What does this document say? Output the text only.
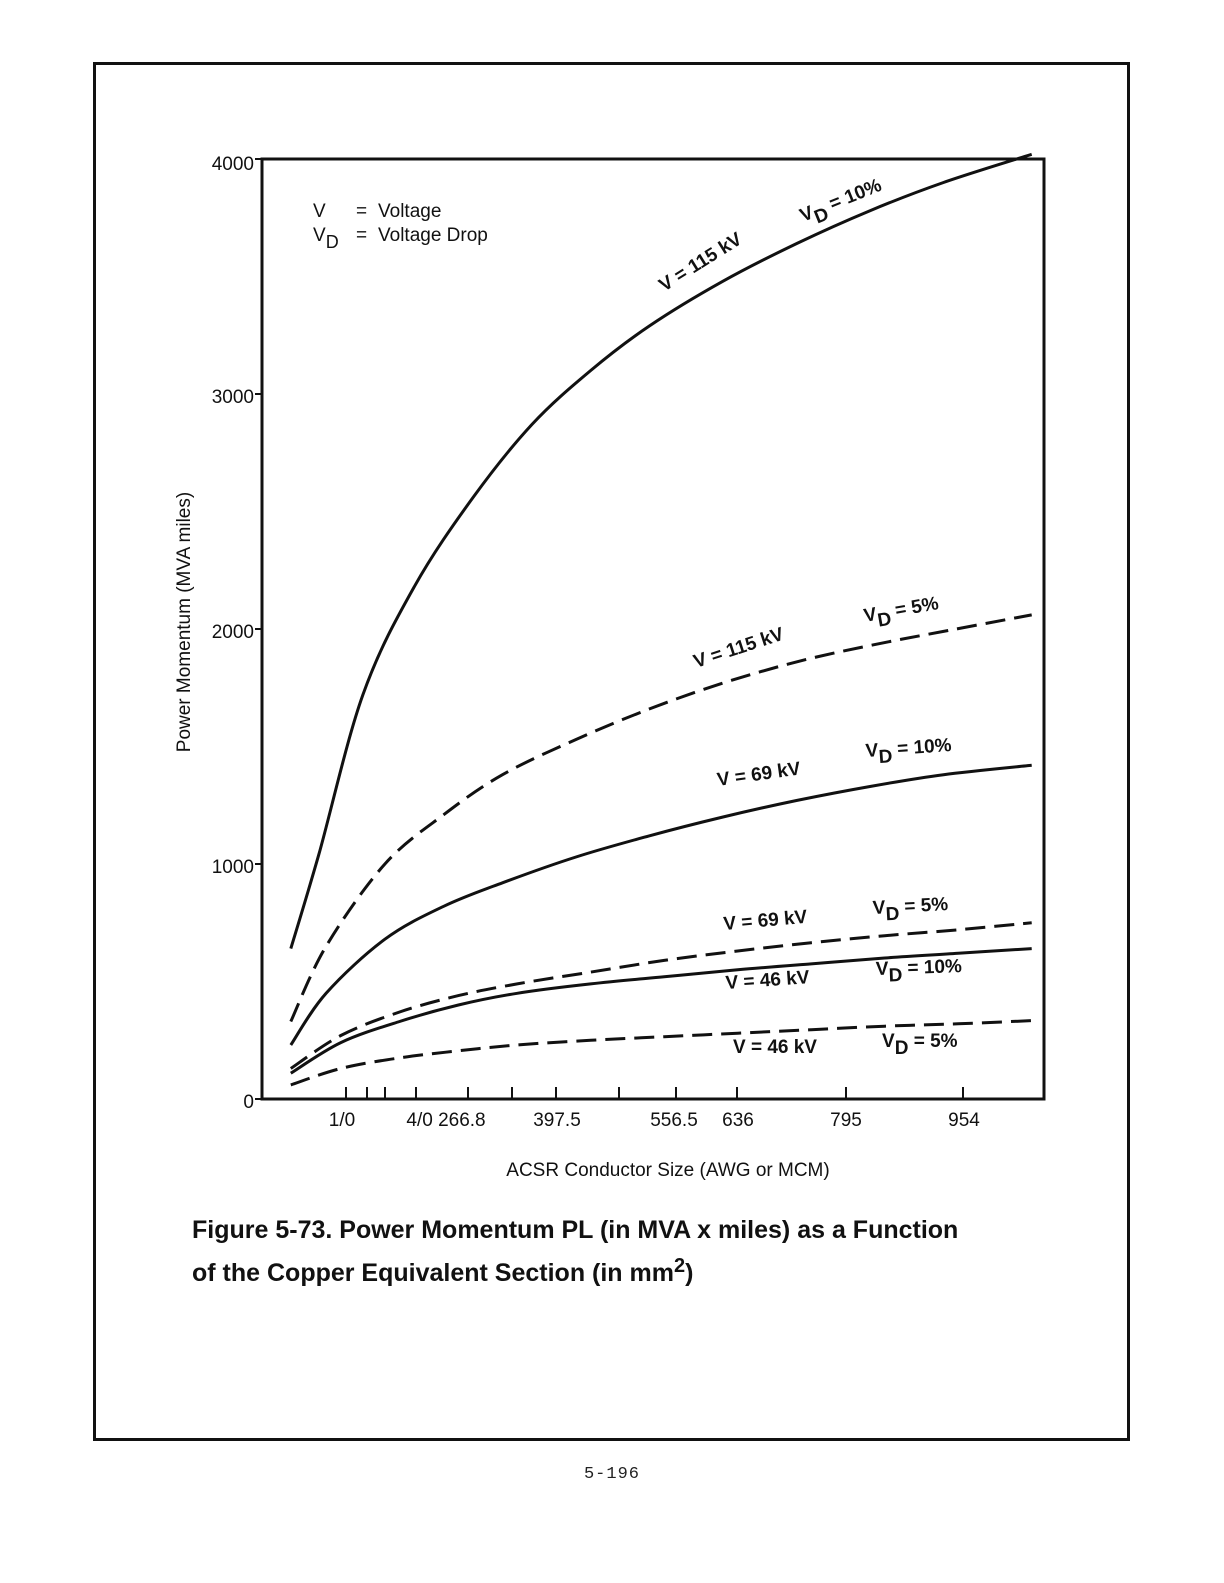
0
1000
2000
3000
4000
1/0	4/0 266.8	397.5	556.5 636	795	954
ACSR Conductor Size (AWG or MCM)
Power Momentum (MVA miles)
V = Voltage
VD = Voltage Drop	V = 115 kV
VD = 10%
V = 115 kV
VD = 5%
V = 69 kV
VD = 10%
V = 69 kV	VD = 5%
V = 46 kV	VD = 10%
V = 46 kV	VD = 5%
Figure 5-73. Power Momentum PL (in MVA x miles) as a Function
of the Copper Equivalent Section (in $mm^2$)
5-196
